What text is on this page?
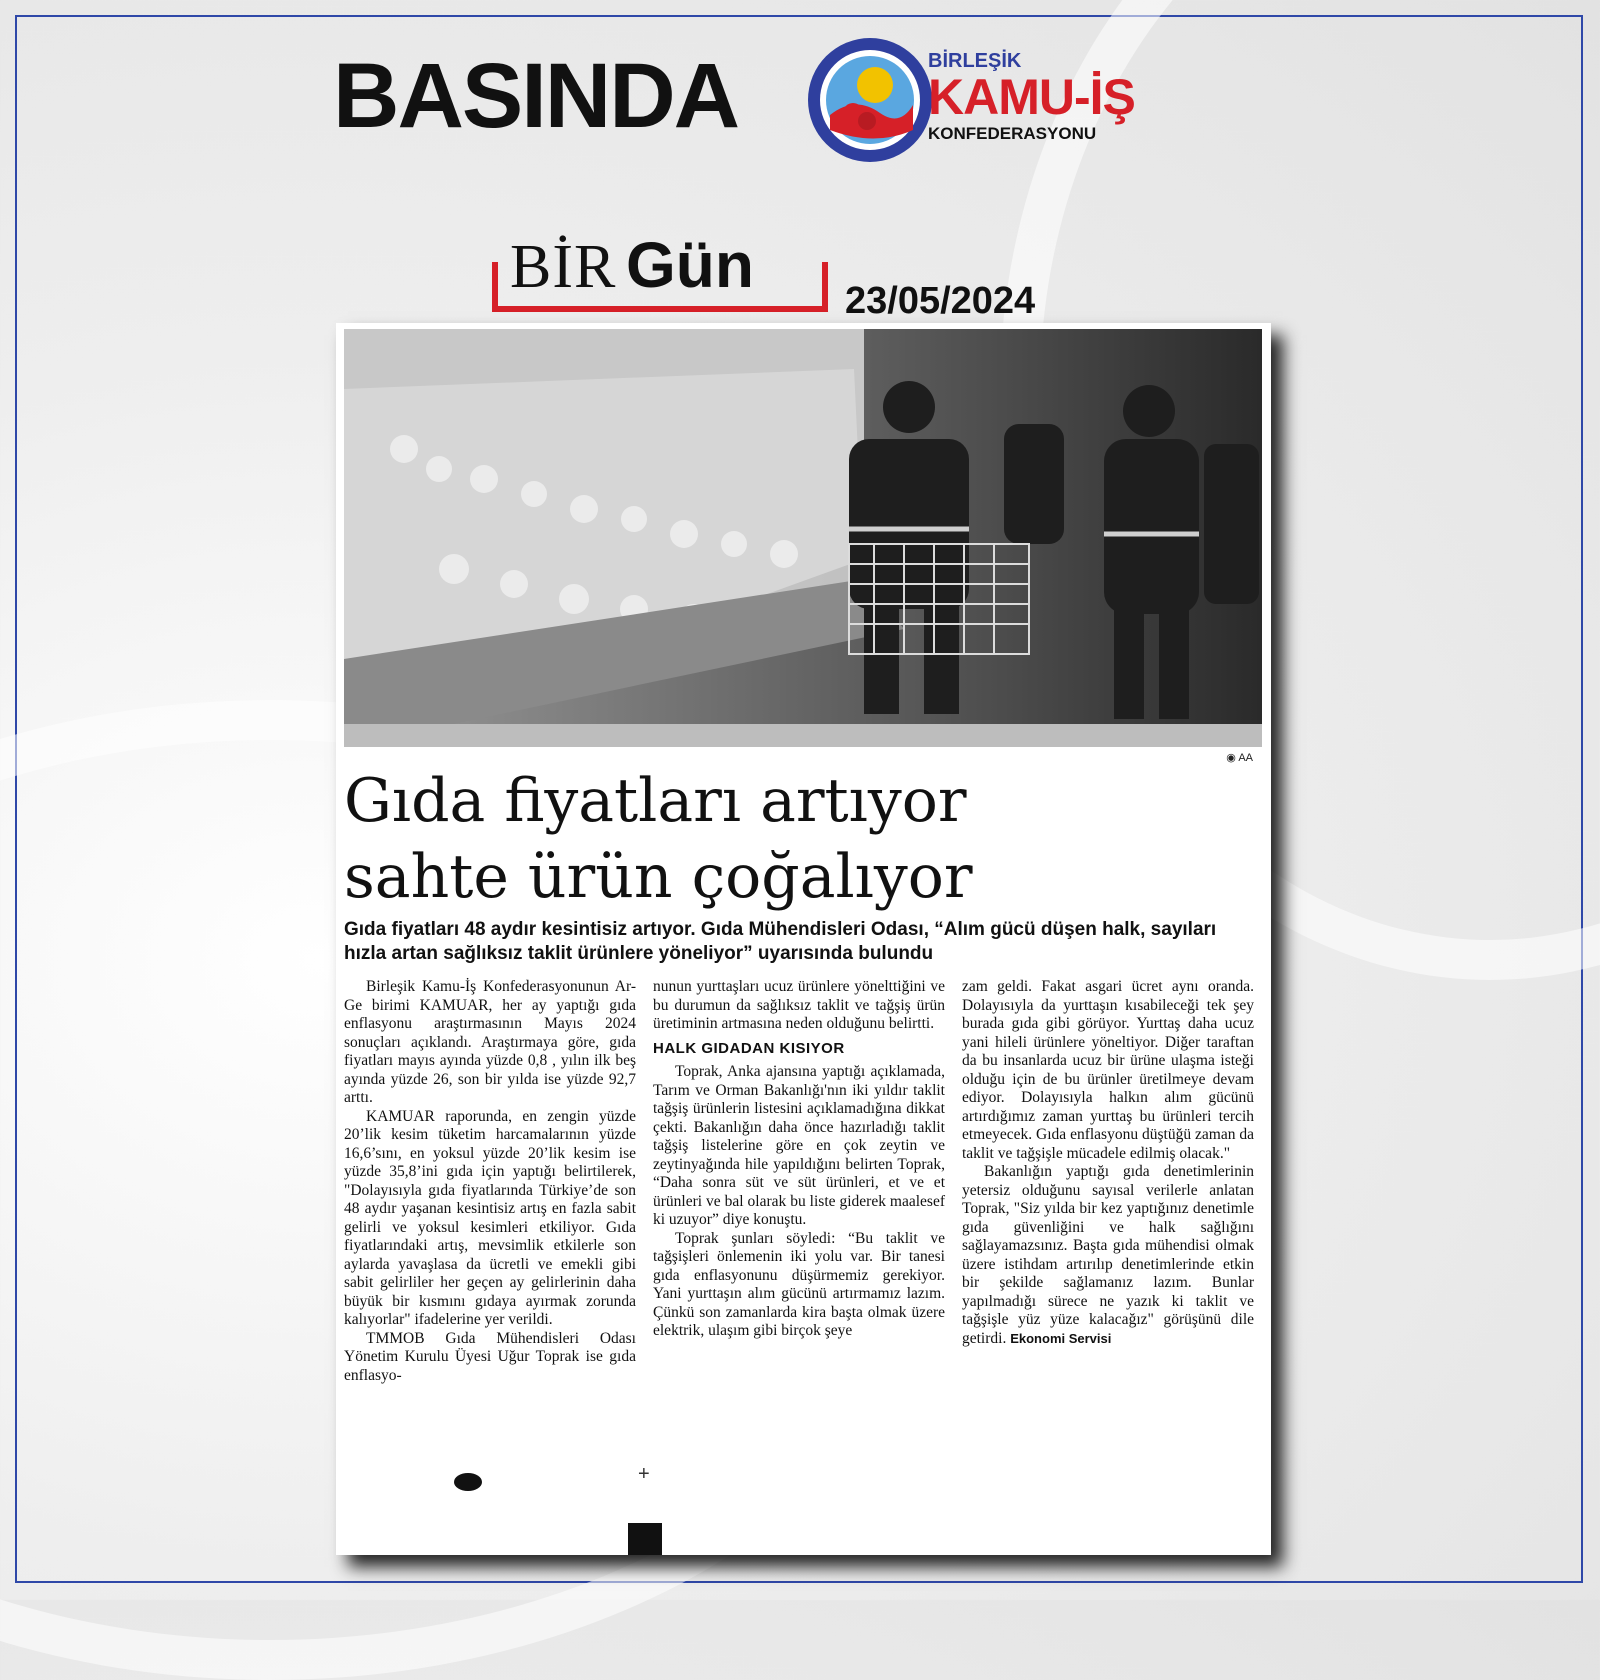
BASINDA	BİRLEŞİK
KAMU-İŞ
KONFEDERASYONU
BİR Gün 23/05/2024
◉ AA
Gıda fiyatları artıyor
sahte ürün çoğalıyor

Gıda fiyatları 48 aydır kesintisiz artıyor. Gıda Mühendisleri Odası, “Alım gücü düşen halk, sayıları hızla artan sağlıksız taklit ürünlere yöneliyor” uyarısında bulundu

Birleşik Kamu-İş Konfederasyonunun Ar-Ge birimi KAMUAR, her ay yaptığı gıda enflasyonu araştırmasının Mayıs 2024 sonuçları açıklandı. Araştırmaya göre, gıda fiyatları mayıs ayında yüzde 0,8 , yılın ilk beş ayında yüzde 26, son bir yılda ise yüzde 92,7 arttı.

KAMUAR raporunda, en zengin yüzde 20’lik kesim tüketim harcamalarının yüzde 16,6’sını, en yoksul yüzde 20’lik kesim ise yüzde 35,8’ini gıda için yaptığı belirtilerek, "Dolayısıyla gıda fiyatlarında Türkiye’de son 48 aydır yaşanan kesintisiz artış en fazla sabit gelirli ve yoksul kesimleri etkiliyor. Gıda fiyatlarındaki artış, mevsimlik etkilerle son aylarda yavaşlasa da ücretli ve emekli gibi sabit gelirliler her geçen ay gelirlerinin daha büyük bir kısmını gıdaya ayırmak zorunda kalıyorlar" ifadelerine yer verildi.

TMMOB Gıda Mühendisleri Odası Yönetim Kurulu Üyesi Uğur Toprak ise gıda enflasyo-

nunun yurttaşları ucuz ürünlere yönelttiğini ve bu durumun da sağlıksız taklit ve tağşiş ürün üretiminin artmasına neden olduğunu belirtti.

HALK GIDADAN KISIYOR

Toprak, Anka ajansına yaptığı açıklamada, Tarım ve Orman Bakanlığı'nın iki yıldır taklit tağşiş ürünlerin listesini açıklamadığına dikkat çekti. Bakanlığın daha önce hazırladığı taklit tağşiş listelerine göre en çok zeytin ve zeytinyağında hile yapıldığını belirten Toprak, “Daha sonra süt ve süt ürünleri, et ve et ürünleri ve bal olarak bu liste giderek maalesef ki uzuyor” diye konuştu.

Toprak şunları söyledi: “Bu taklit ve tağşişleri önlemenin iki yolu var. Bir tanesi gıda enflasyonunu düşürmemiz gerekiyor. Yani yurttaşın alım gücünü artırmamız lazım. Çünkü son zamanlarda kira başta olmak üzere elektrik, ulaşım gibi birçok şeye

zam geldi. Fakat asgari ücret aynı oranda. Dolayısıyla da yurttaşın kısabileceği tek şey burada gıda gibi görüyor. Yurttaş daha ucuz yani hileli ürünlere yöneltiyor. Diğer taraftan da bu insanlarda ucuz bir ürüne ulaşma isteği olduğu için de bu ürünler üretilmeye devam ediyor. Dolayısıyla halkın alım gücünü artırdığımız zaman yurttaş bu ürünleri tercih etmeyecek. Gıda enflasyonu düştüğü zaman da taklit ve tağşişle mücadele edilmiş olacak."

Bakanlığın yaptığı gıda denetimlerinin yetersiz olduğunu sayısal verilerle anlatan Toprak, "Siz yılda bir kez yaptığınız denetimle gıda güvenliğini ve halk sağlığını sağlayamazsınız. Başta gıda mühendisi olmak üzere istihdam artırılıp denetimlerinde etkin bir şekilde sağlamanız lazım. Bunlar yapılmadığı sürece ne yazık ki taklit ve tağşişle yüz yüze kalacağız" görüşünü dile getirdi. Ekonomi Servisi

+
